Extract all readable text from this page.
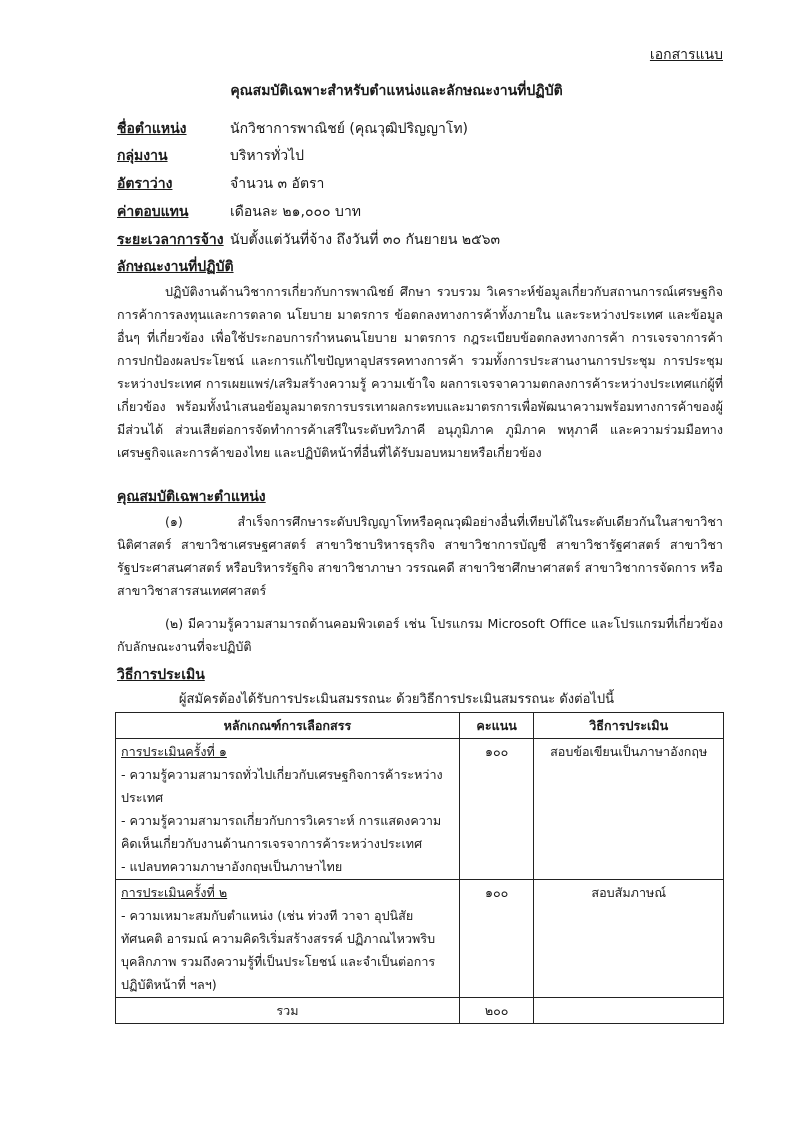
เอกสารแนบ
คุณสมบัติเฉพาะสำหรับตำแหน่งและลักษณะงานที่ปฏิบัติ
ชื่อตำแหน่ง	นักวิชาการพาณิชย์ (คุณวุฒิปริญญาโท)
กลุ่มงาน	บริหารทั่วไป
อัตราว่าง	จำนวน ๓ อัตรา
ค่าตอบแทน	เดือนละ ๒๑,๐๐๐ บาท
ระยะเวลาการจ้าง นับตั้งแต่วันที่จ้าง ถึงวันที่ ๓๐ กันยายน ๒๕๖๓
ลักษณะงานที่ปฏิบัติ

ปฏิบัติงานด้านวิชาการเกี่ยวกับการพาณิชย์ ศึกษา รวบรวม วิเคราะห์ข้อมูลเกี่ยวกับสถานการณ์เศรษฐกิจ การค้าการลงทุนและการตลาด นโยบาย มาตรการ ข้อตกลงทางการค้าทั้งภายใน และระหว่างประเทศ และข้อมูลอื่นๆ ที่เกี่ยวข้อง เพื่อใช้ประกอบการกำหนดนโยบาย มาตรการ กฎระเบียบข้อตกลงทางการค้า การเจรจาการค้า การปกป้องผลประโยชน์ และการแก้ไขปัญหาอุปสรรคทางการค้า รวมทั้งการประสานงานการประชุม การประชุมระหว่างประเทศ การเผยแพร่/เสริมสร้างความรู้ ความเข้าใจ ผลการเจรจาความตกลงการค้าระหว่างประเทศแก่ผู้ที่เกี่ยวข้อง พร้อมทั้งนำเสนอข้อมูลมาตรการบรรเทาผลกระทบและมาตรการเพื่อพัฒนาความพร้อมทางการค้าของผู้มีส่วนได้ ส่วนเสียต่อการจัดทำการค้าเสรีในระดับทวิภาคี อนุภูมิภาค ภูมิภาค พหุภาคี และความร่วมมือทางเศรษฐกิจและการค้าของไทย และปฏิบัติหน้าที่อื่นที่ได้รับมอบหมายหรือเกี่ยวข้อง

คุณสมบัติเฉพาะตำแหน่ง

(๑) สำเร็จการศึกษาระดับปริญญาโทหรือคุณวุฒิอย่างอื่นที่เทียบได้ในระดับเดียวกันในสาขาวิชานิติศาสตร์ สาขาวิชาเศรษฐศาสตร์ สาขาวิชาบริหารธุรกิจ สาขาวิชาการบัญชี สาขาวิชารัฐศาสตร์ สาขาวิชารัฐประศาสนศาสตร์ หรือบริหารรัฐกิจ สาขาวิชาภาษา วรรณคดี สาขาวิชาศึกษาศาสตร์ สาขาวิชาการจัดการ หรือสาขาวิชาสารสนเทศศาสตร์

(๒) มีความรู้ความสามารถด้านคอมพิวเตอร์ เช่น โปรแกรม Microsoft Office และโปรแกรมที่เกี่ยวข้องกับลักษณะงานที่จะปฏิบัติ

วิธีการประเมิน
ผู้สมัครต้องได้รับการประเมินสมรรถนะ ด้วยวิธีการประเมินสมรรถนะ ดังต่อไปนี้
หลักเกณฑ์การเลือกสรร	คะแนน	วิธีการประเมิน

การประเมินครั้งที่ ๑
- ความรู้ความสามารถทั่วไปเกี่ยวกับเศรษฐกิจการค้าระหว่างประเทศ
- ความรู้ความสามารถเกี่ยวกับการวิเคราะห์ การแสดงความคิดเห็นเกี่ยวกับงานด้านการเจรจาการค้าระหว่างประเทศ
- แปลบทความภาษาอังกฤษเป็นภาษาไทย	๑๐๐	สอบข้อเขียนเป็นภาษาอังกฤษ

การประเมินครั้งที่ ๒
- ความเหมาะสมกับตำแหน่ง (เช่น ท่วงที วาจา อุปนิสัย ทัศนคติ อารมณ์ ความคิดริเริ่มสร้างสรรค์ ปฏิภาณไหวพริบ บุคลิกภาพ รวมถึงความรู้ที่เป็นประโยชน์ และจำเป็นต่อการปฏิบัติหน้าที่ ฯลฯ)	๑๐๐	สอบสัมภาษณ์
รวม	๒๐๐	
